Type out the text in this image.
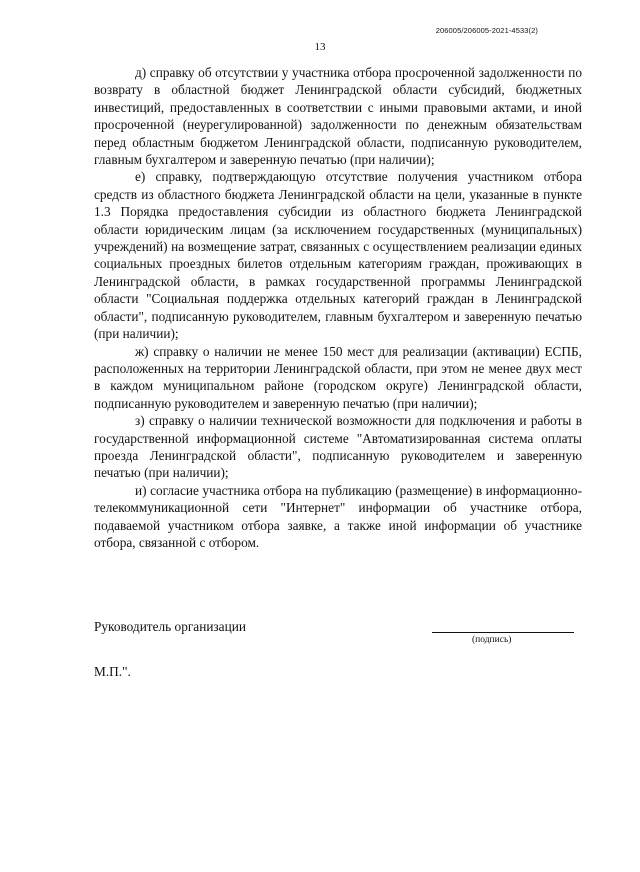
206005/206005-2021-4533(2)
13

д) справку об отсутствии у участника отбора просроченной задолженности по возврату в областной бюджет Ленинградской области субсидий, бюджетных инвестиций, предоставленных в соответствии с иными правовыми актами, и иной просроченной (неурегулированной) задолженности по денежным обязательствам перед областным бюджетом Ленинградской области, подписанную руководителем, главным бухгалтером и заверенную печатью (при наличии);

е) справку, подтверждающую отсутствие получения участником отбора средств из областного бюджета Ленинградской области на цели, указанные в пункте 1.3 Порядка предоставления субсидии из областного бюджета Ленинградской области юридическим лицам (за исключением государственных (муниципальных) учреждений) на возмещение затрат, связанных с осуществлением реализации единых социальных проездных билетов отдельным категориям граждан, проживающих в Ленинградской области, в рамках государственной программы Ленинградской области "Социальная поддержка отдельных категорий граждан в Ленинградской области", подписанную руководителем, главным бухгалтером и заверенную печатью (при наличии);

ж) справку о наличии не менее 150 мест для реализации (активации) ЕСПБ, расположенных на территории Ленинградской области, при этом не менее двух мест в каждом муниципальном районе (городском округе) Ленинградской области, подписанную руководителем и заверенную печатью (при наличии);

з) справку о наличии технической возможности для подключения и работы в государственной информационной системе "Автоматизированная система оплаты проезда Ленинградской области", подписанную руководителем и заверенную печатью (при наличии);

и) согласие участника отбора на публикацию (размещение) в информационно-телекоммуникационной сети "Интернет" информации об участнике отбора, подаваемой участником отбора заявке, а также иной информации об участнике отбора, связанной с отбором.

Руководитель организации
(подпись)
М.П.".
